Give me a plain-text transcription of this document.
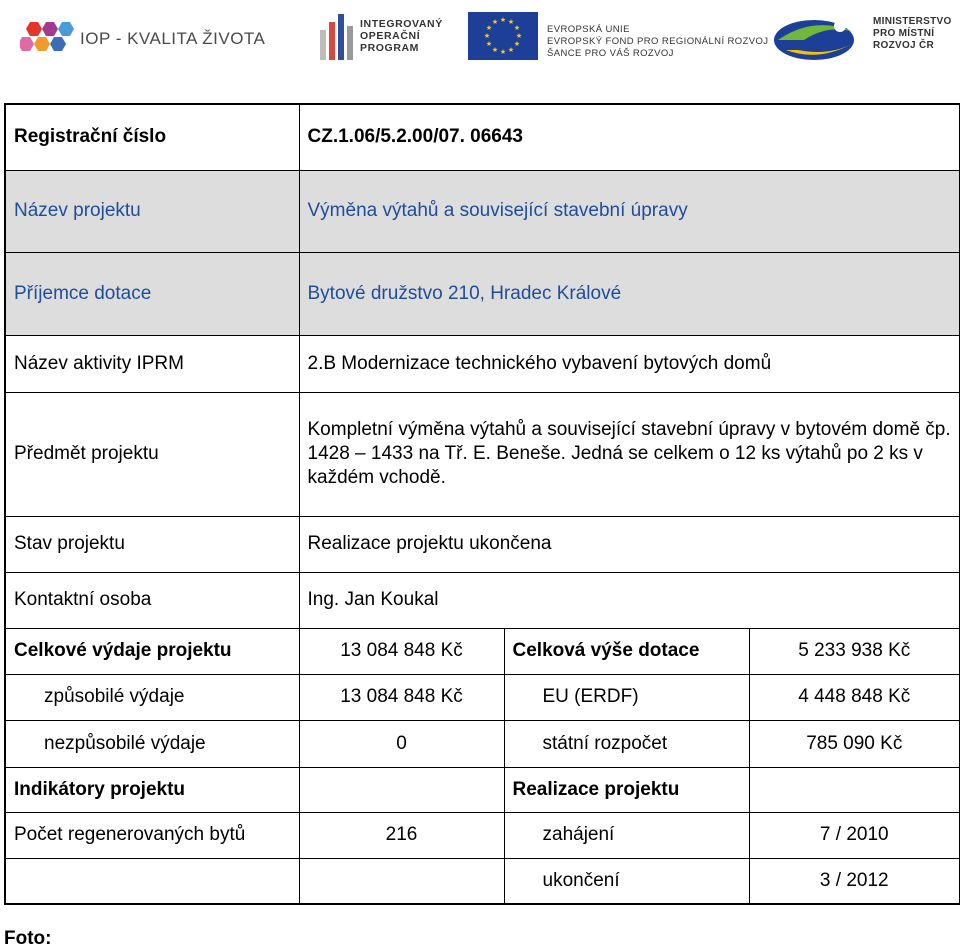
IOP - KVALITA ŽIVOTA
INTEGROVANÝ
OPERAČNÍ
PROGRAM
★ ★
★
★
★
★
★
★
★
★
★
★
EVROPSKÁ UNIE
EVROPSKÝ FOND PRO REGIONÁLNÍ ROZVOJ
ŠANCE PRO VÁŠ ROZVOJ
MINISTERSTVO
PRO MÍSTNÍ
ROZVOJ ČR
Registrační číslo	CZ.1.06/5.2.00/07. 06643		
Název projektu	Výměna výtahů a související stavební úpravy		
Příjemce dotace	Bytové družstvo 210, Hradec Králové		
Název aktivity IPRM	2.B Modernizace technického vybavení bytových domů		
Předmět projektu	Kompletní výměna výtahů a související stavební úpravy v bytovém domě čp. 1428 – 1433 na Tř. E. Beneše. Jedná se celkem o 12 ks výtahů po 2 ks v každém vchodě.		
Stav projektu	Realizace projektu ukončena		
Kontaktní osoba	Ing. Jan Koukal		
Celkové výdaje projektu	13 084 848 Kč	Celková výše dotace	5 233 938 Kč
způsobilé výdaje	13 084 848 Kč	EU (ERDF)	4 448 848 Kč
nezpůsobilé výdaje	0	státní rozpočet	785 090 Kč
Indikátory projektu		Realizace projektu	
Počet regenerovaných bytů	216	zahájení	7 / 2010
		ukončení	3 / 2012
Foto:
